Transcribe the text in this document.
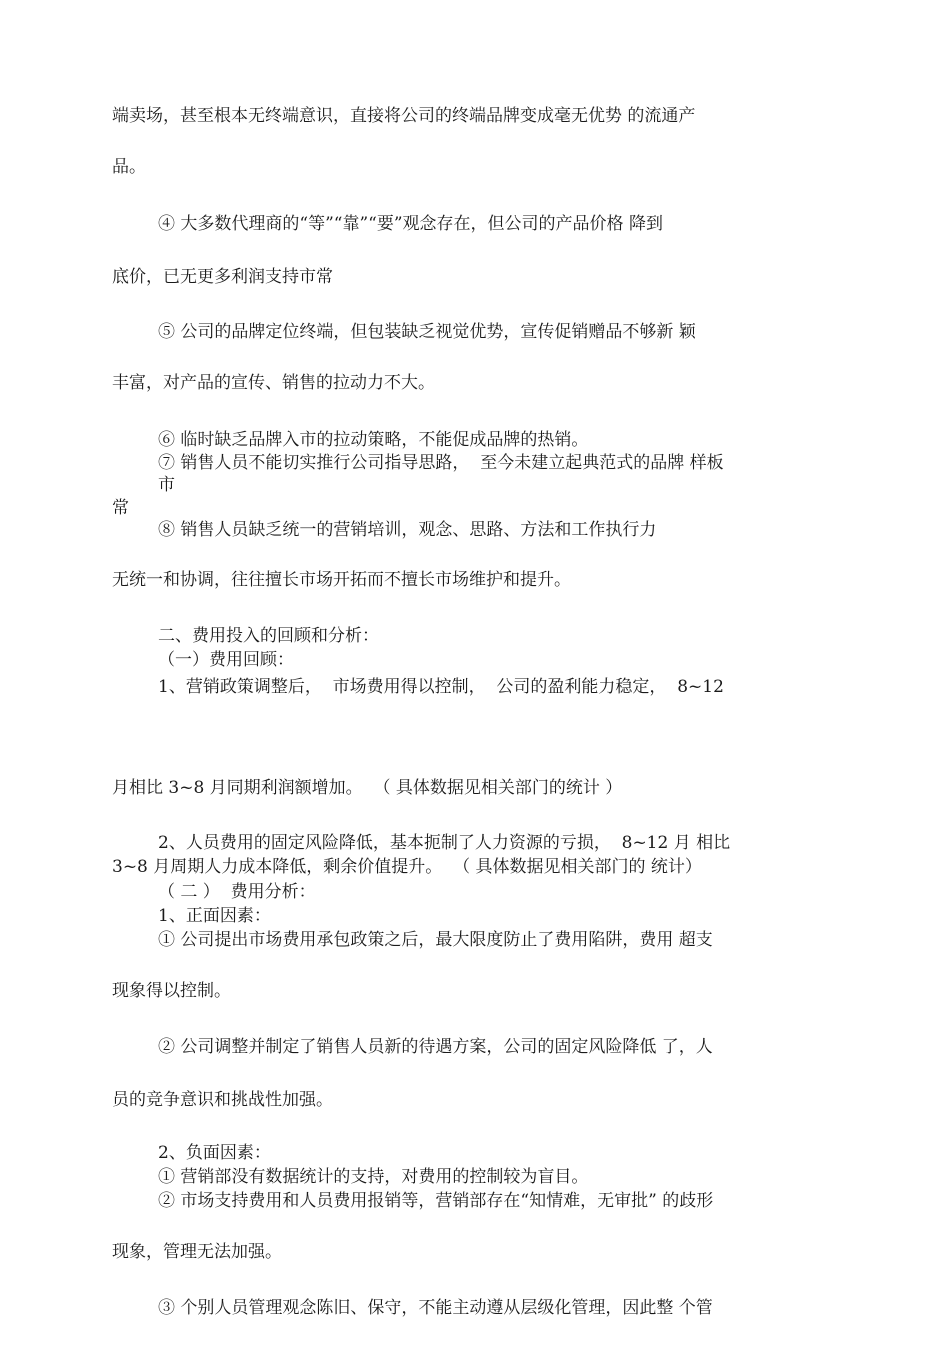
端卖场，甚至根本无终端意识，直接将公司的终端品牌变成毫无优势 的流通产

品。

④ 大多数代理商的“等”“靠”“要”观念存在，但公司的产品价格 降到

底价，已无更多利润支持市常

⑤ 公司的品牌定位终端，但包装缺乏视觉优势，宣传促销赠品不够新 颖

丰富，对产品的宣传、销售的拉动力不大。

⑥ 临时缺乏品牌入市的拉动策略，不能促成品牌的热销。

⑦ 销售人员不能切实推行公司指导思路，  至今未建立起典范式的品牌 样板

市

常

⑧ 销售人员缺乏统一的营销培训，观念、思路、方法和工作执行力

无统一和协调，往往擅长市场开拓而不擅长市场维护和提升。

二、费用投入的回顾和分析：

（一）费用回顾：

1、营销政策调整后，  市场费用得以控制，  公司的盈利能力稳定，  8~12

月相比 3~8 月同期利润额增加。  （ 具体数据见相关部门的统计 ）

2、人员费用的固定风险降低，基本扼制了人力资源的亏损，  8~12 月 相比

3~8 月周期人力成本降低，剩余价值提升。  （ 具体数据见相关部门的 统计）

（ 二 ）  费用分析：

1、正面因素：

① 公司提出市场费用承包政策之后，最大限度防止了费用陷阱，费用 超支

现象得以控制。

② 公司调整并制定了销售人员新的待遇方案，公司的固定风险降低 了，人

员的竞争意识和挑战性加强。

2、负面因素：

① 营销部没有数据统计的支持，对费用的控制较为盲目。

② 市场支持费用和人员费用报销等，营销部存在“知情难，无审批” 的歧形

现象，管理无法加强。

③ 个别人员管理观念陈旧、保守，不能主动遵从层级化管理，因此整 个管
